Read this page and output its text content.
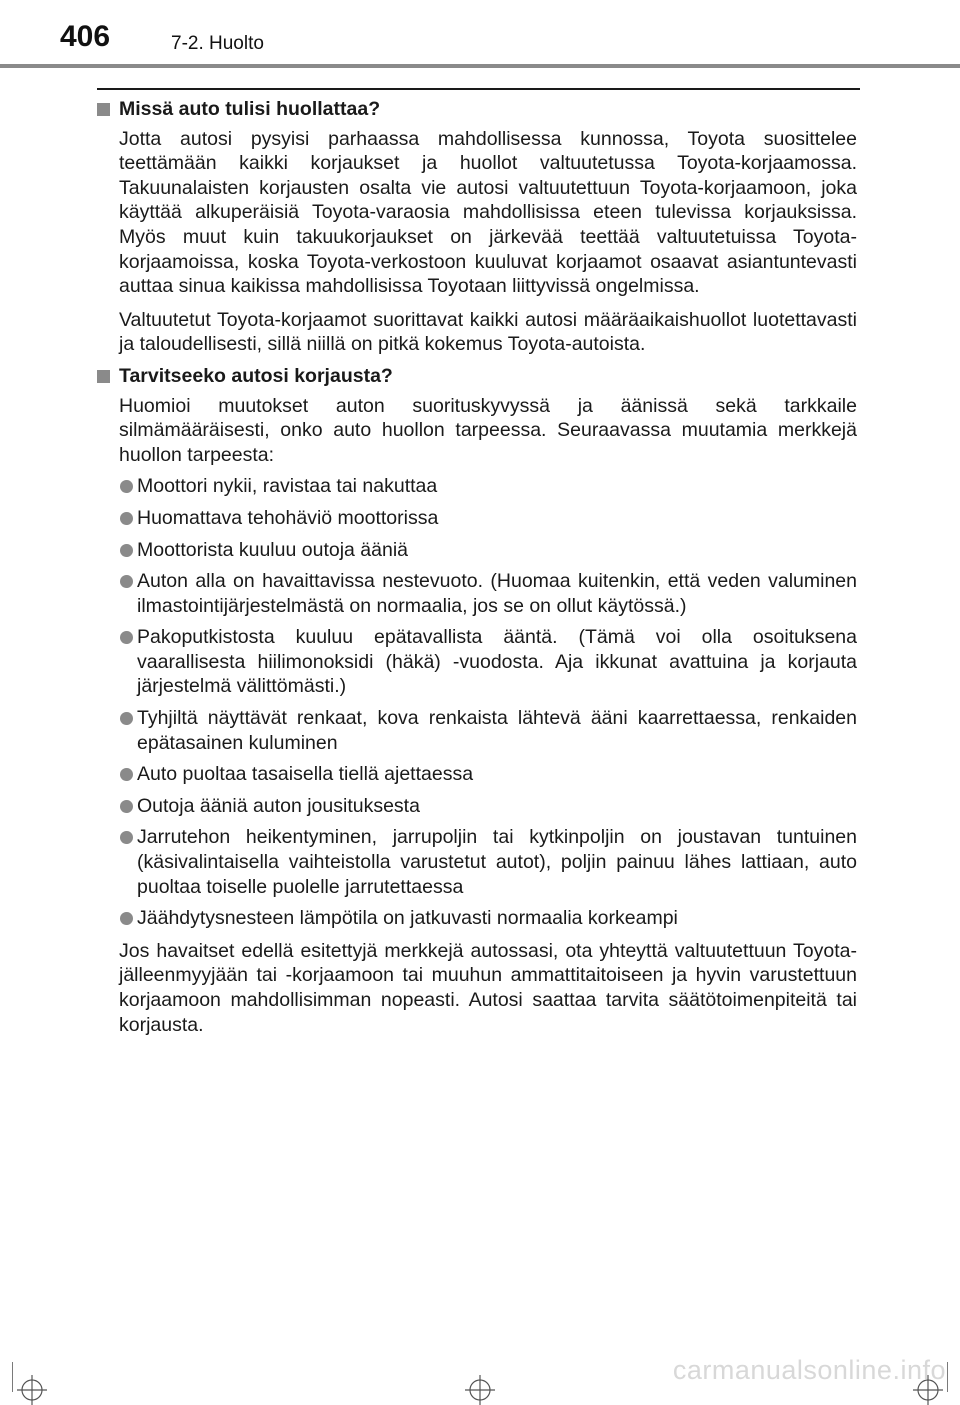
406	7-2. Huolto
Missä auto tulisi huollattaa?

Jotta autosi pysyisi parhaassa mahdollisessa kunnossa, Toyota suosittelee teettämään kaikki korjaukset ja huollot valtuutetussa Toyota-korjaamossa. Takuunalaisten korjausten osalta vie autosi valtuutettuun Toyota-korjaamoon, joka käyttää alkuperäisiä Toyota-varaosia mahdollisissa eteen tulevissa korjauksissa. Myös muut kuin takuukorjaukset on järkevää teettää valtuutetuissa Toyota-korjaamoissa, koska Toyota-verkostoon kuuluvat korjaamot osaavat asiantuntevasti auttaa sinua kaikissa mahdollisissa Toyotaan liittyvissä ongelmissa.

Valtuutetut Toyota-korjaamot suorittavat kaikki autosi määräaikaishuollot luotettavasti ja taloudellisesti, sillä niillä on pitkä kokemus Toyota-autoista.

Tarvitseeko autosi korjausta?

Huomioi muutokset auton suorituskyvyssä ja äänissä sekä tarkkaile silmämääräisesti, onko auto huollon tarpeessa. Seuraavassa muutamia merkkejä huollon tarpeesta:

Moottori nykii, ravistaa tai nakuttaa
Huomattava tehohäviö moottorissa
Moottorista kuuluu outoja ääniä
Auton alla on havaittavissa nestevuoto. (Huomaa kuitenkin, että veden valuminen ilmastointijärjestelmästä on normaalia, jos se on ollut käytössä.)
Pakoputkistosta kuuluu epätavallista ääntä. (Tämä voi olla osoituksena vaarallisesta hiilimonoksidi (häkä) -vuodosta. Aja ikkunat avattuina ja korjauta järjestelmä välittömästi.)
Tyhjiltä näyttävät renkaat, kova renkaista lähtevä ääni kaarrettaessa, renkaiden epätasainen kuluminen
Auto puoltaa tasaisella tiellä ajettaessa
Outoja ääniä auton jousituksesta
Jarrutehon heikentyminen, jarrupoljin tai kytkinpoljin on joustavan tuntuinen (käsivalintaisella vaihteistolla varustetut autot), poljin painuu lähes lattiaan, auto puoltaa toiselle puolelle jarrutettaessa
Jäähdytysnesteen lämpötila on jatkuvasti normaalia korkeampi

Jos havaitset edellä esitettyjä merkkejä autossasi, ota yhteyttä valtuutettuun Toyota-jälleenmyyjään tai -korjaamoon tai muuhun ammattitaitoiseen ja hyvin varustettuun korjaamoon mahdollisimman nopeasti. Autosi saattaa tarvita säätötoimenpiteitä tai korjausta.

carmanualsonline.info
